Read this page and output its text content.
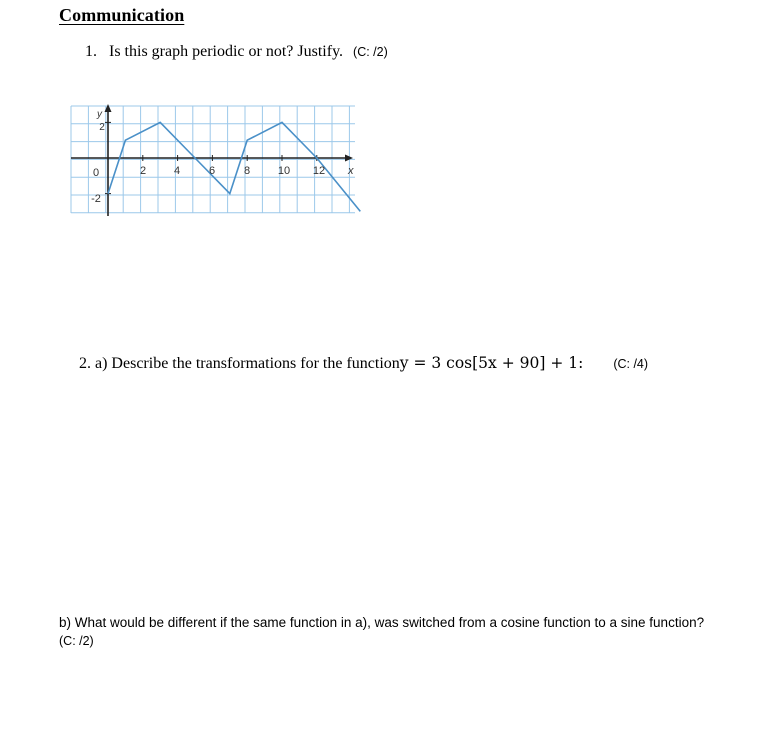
Communication
1. Is this graph periodic or not? Justify. (C: /2)
x
y
0	2	4	6	8	10 12
2
-2
2. a) Describe the transformations for the functiony = 3 cos[5x + 90] + 1: (C: /4)
b) What would be different if the same function in a), was switched from a cosine function to a sine function?
(C: /2)
